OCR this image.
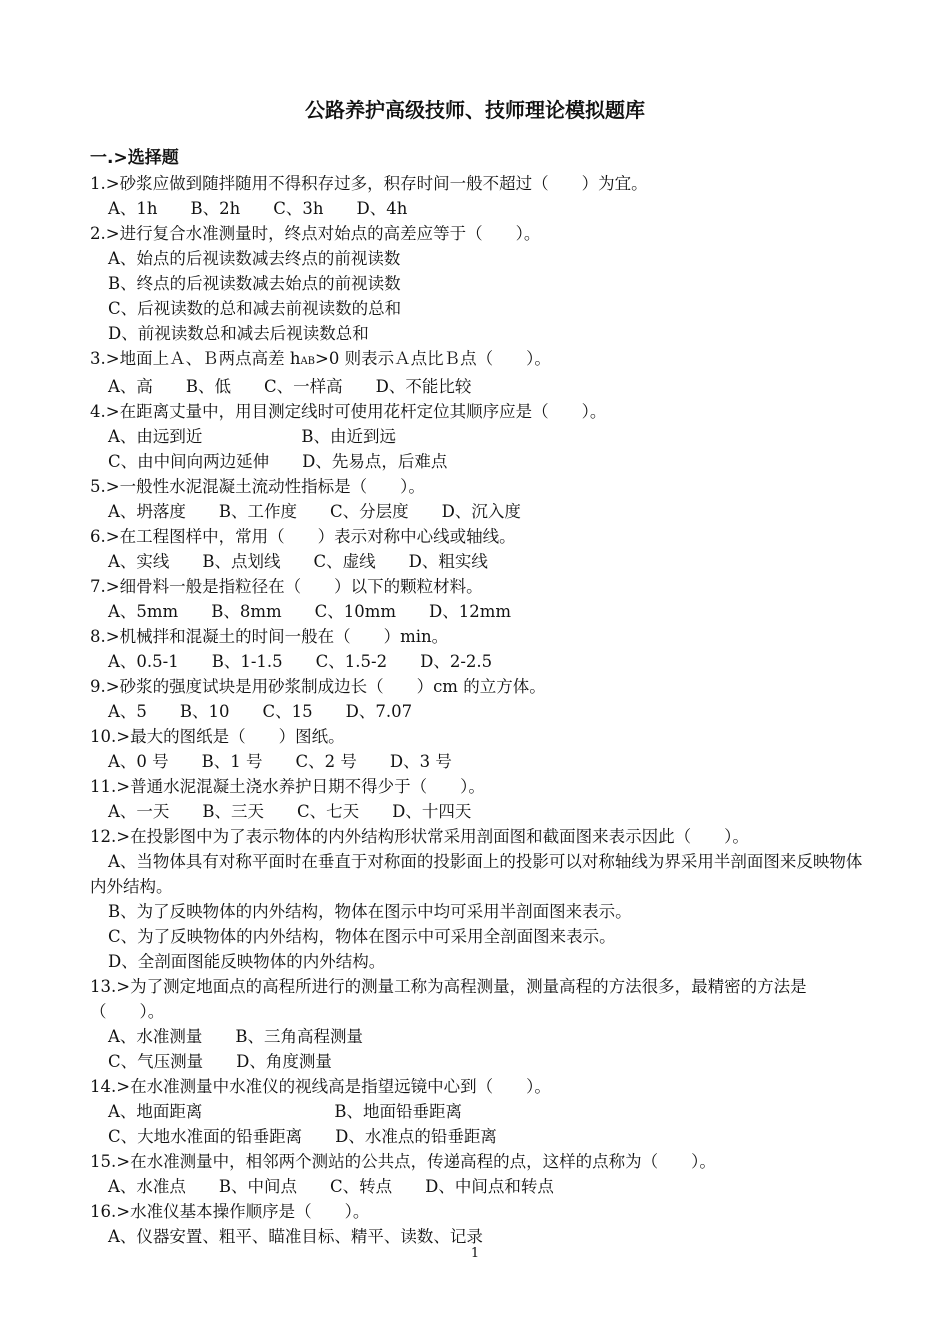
公路养护高级技师、技师理论模拟题库
一.>选择题

1.>砂浆应做到随拌随用不得积存过多，积存时间一般不超过（　　）为宜。

A、1h　　B、2h　　C、3h　　D、4h

2.>进行复合水准测量时，终点对始点的高差应等于（　　）。

A、始点的后视读数减去终点的前视读数

B、终点的后视读数减去始点的前视读数

C、后视读数的总和减去前视读数的总和

D、前视读数总和减去后视读数总和

3.>地面上Ａ、Ｂ两点高差 hAB>0 则表示Ａ点比Ｂ点（　　）。

A、高　　B、低　　C、一样高　　D、不能比较

4.>在距离丈量中，用目测定线时可使用花杆定位其顺序应是（　　）。

A、由远到近　　　　　　B、由近到远

C、由中间向两边延伸　　D、先易点，后难点

5.>一般性水泥混凝土流动性指标是（　　）。

A、坍落度　　B、工作度　　C、分层度　　D、沉入度

6.>在工程图样中，常用（　　）表示对称中心线或轴线。

A、实线　　B、点划线　　C、虚线　　D、粗实线

7.>细骨料一般是指粒径在（　　）以下的颗粒材料。

A、5mm　　B、8mm　　C、10mm　　D、12mm

8.>机械拌和混凝土的时间一般在（　　）min。

A、0.5-1　　B、1-1.5　　C、1.5-2　　D、2-2.5

9.>砂浆的强度试块是用砂浆制成边长（　　）cm 的立方体。

A、5　　B、10　　C、15　　D、7.07

10.>最大的图纸是（　　）图纸。

A、0 号　　B、1 号　　C、2 号　　D、3 号

11.>普通水泥混凝土浇水养护日期不得少于（　　）。

A、一天　　B、三天　　C、七天　　D、十四天

12.>在投影图中为了表示物体的内外结构形状常采用剖面图和截面图来表示因此（　　）。

A、当物体具有对称平面时在垂直于对称面的投影面上的投影可以对称轴线为界采用半剖面图来反映物体内外结构。

B、为了反映物体的内外结构，物体在图示中均可采用半剖面图来表示。

C、为了反映物体的内外结构，物体在图示中可采用全剖面图来表示。

D、全剖面图能反映物体的内外结构。

13.>为了测定地面点的高程所进行的测量工称为高程测量，测量高程的方法很多，最精密的方法是（　　）。

A、水准测量　　B、三角高程测量

C、气压测量　　D、角度测量

14.>在水准测量中水准仪的视线高是指望远镜中心到（　　）。

A、地面距离　　　　　　　　B、地面铅垂距离

C、大地水准面的铅垂距离　　D、水准点的铅垂距离

15.>在水准测量中，相邻两个测站的公共点，传递高程的点，这样的点称为（　　）。

A、水准点　　B、中间点　　C、转点　　D、中间点和转点

16.>水准仪基本操作顺序是（　　）。

A、仪器安置、粗平、瞄准目标、精平、读数、记录

1
